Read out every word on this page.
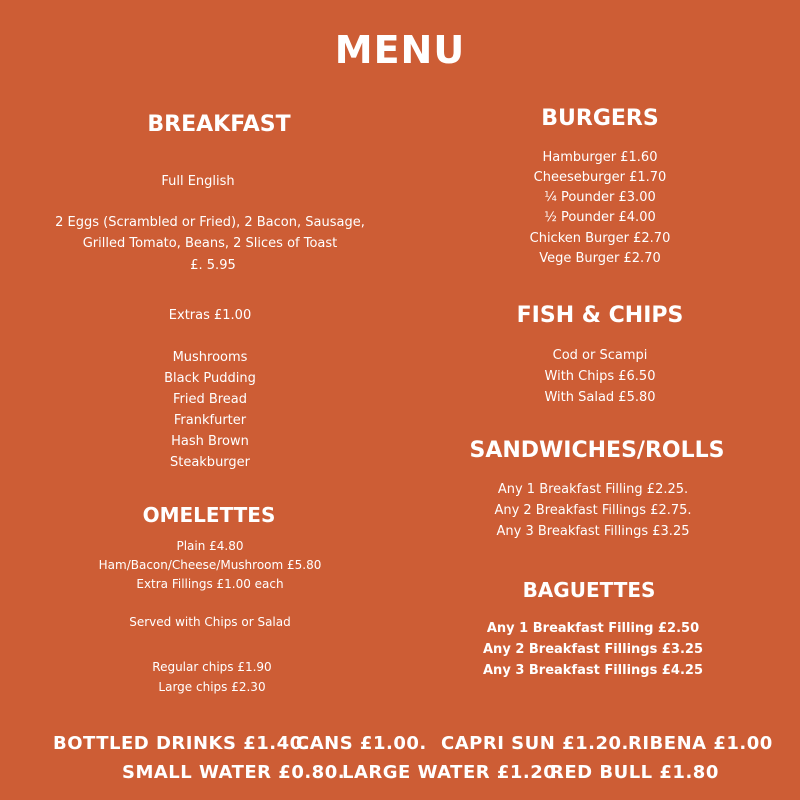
MENU
BREAKFAST
Full English
2 Eggs (Scrambled or Fried), 2 Bacon, Sausage,
Grilled Tomato, Beans, 2 Slices of Toast
£. 5.95
Extras £1.00
Mushrooms
Black Pudding
Fried Bread
Frankfurter
Hash Brown
Steakburger
OMELETTES
Plain £4.80
Ham/Bacon/Cheese/Mushroom £5.80
Extra Fillings £1.00 each
Served with Chips or Salad
Regular chips £1.90
Large chips £2.30
BURGERS
Hamburger £1.60
Cheeseburger £1.70
¼ Pounder £3.00
½ Pounder £4.00
Chicken Burger £2.70
Vege Burger £2.70
FISH & CHIPS
Cod or Scampi
With Chips £6.50
With Salad £5.80
SANDWICHES/ROLLS
Any 1 Breakfast Filling £2.25.
Any 2 Breakfast Fillings £2.75.
Any 3 Breakfast Fillings £3.25
BAGUETTES
Any 1 Breakfast Filling £2.50
Any 2 Breakfast Fillings £3.25
Any 3 Breakfast Fillings £4.25
BOTTLED DRINKS £1.40.
CANS £1.00. CAPRI SUN £1.20. RIBENA £1.00
SMALL WATER £0.80.
LARGE WATER £1.20.
RED BULL £1.80
